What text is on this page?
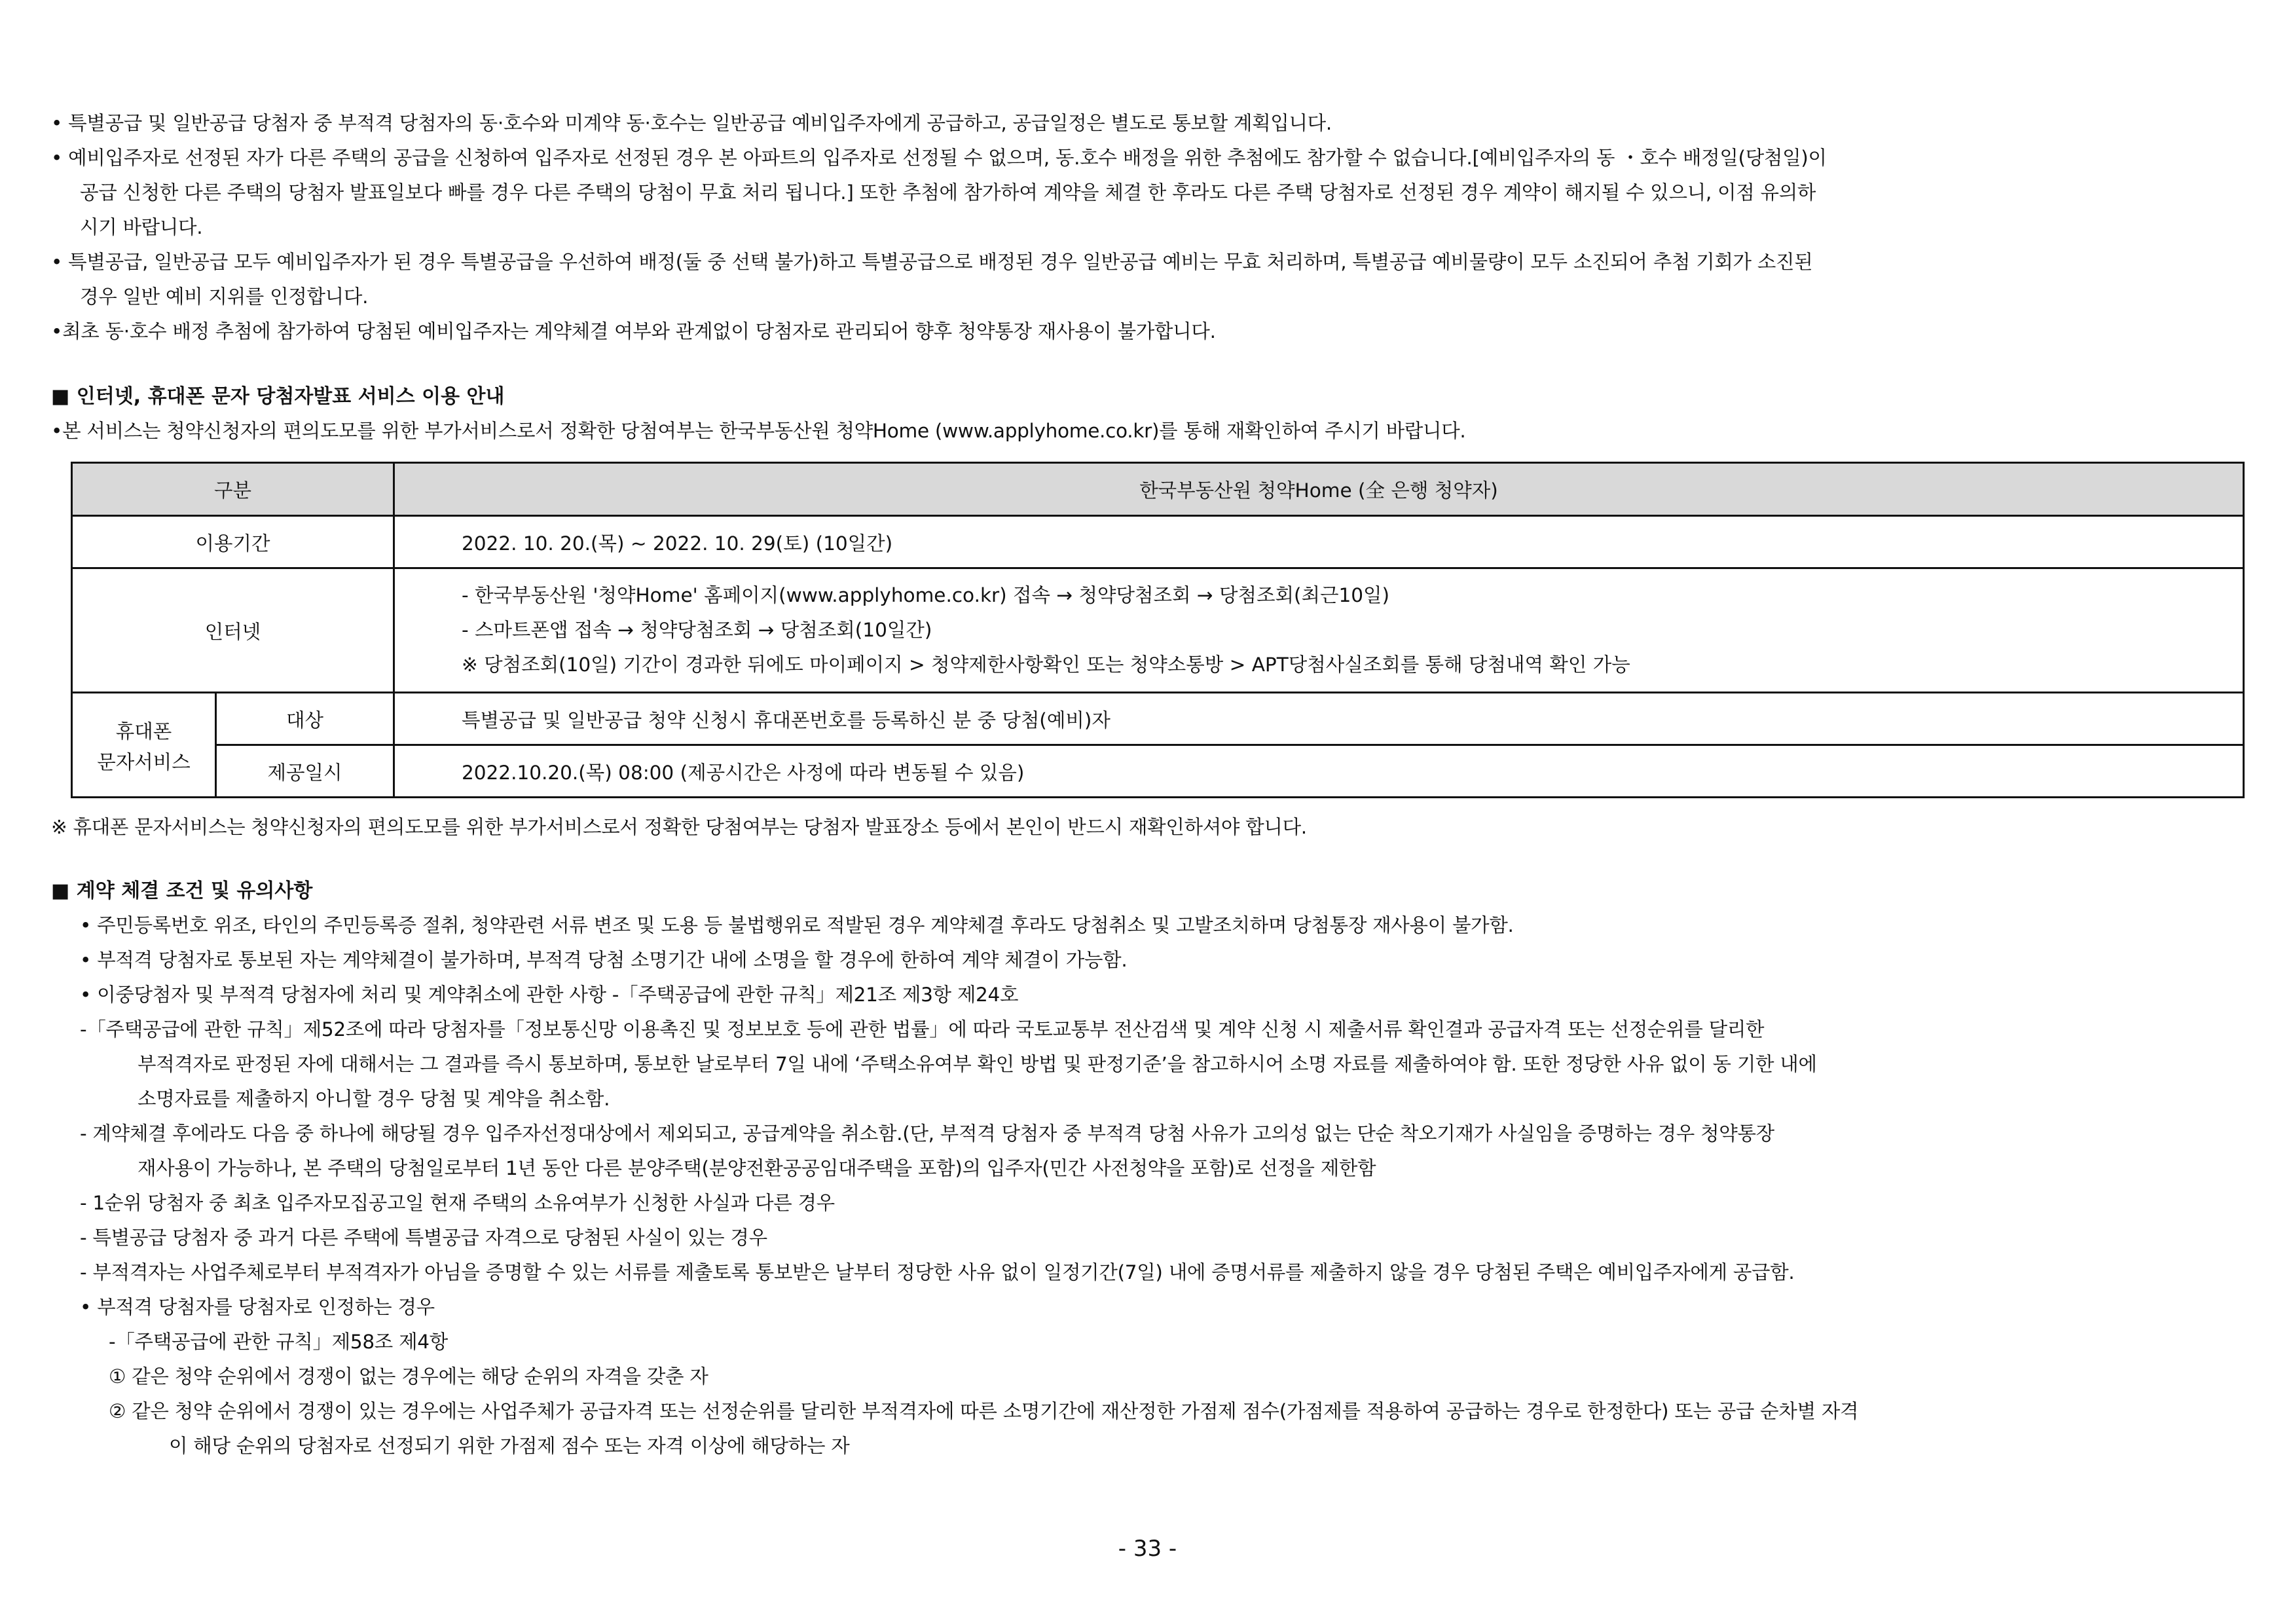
• 특별공급 및 일반공급 당첨자 중 부적격 당첨자의 동·호수와 미계약 동·호수는 일반공급 예비입주자에게 공급하고, 공급일정은 별도로 통보할 계획입니다.

• 예비입주자로 선정된 자가 다른 주택의 공급을 신청하여 입주자로 선정된 경우 본 아파트의 입주자로 선정될 수 없으며, 동.호수 배정을 위한 추첨에도 참가할 수 없습니다.[예비입주자의 동 ・호수 배정일(당첨일)이

공급 신청한 다른 주택의 당첨자 발표일보다 빠를 경우 다른 주택의 당첨이 무효 처리 됩니다.] 또한 추첨에 참가하여 계약을 체결 한 후라도 다른 주택 당첨자로 선정된 경우 계약이 해지될 수 있으니, 이점 유의하

시기 바랍니다.

• 특별공급, 일반공급 모두 예비입주자가 된 경우 특별공급을 우선하여 배정(둘 중 선택 불가)하고 특별공급으로 배정된 경우 일반공급 예비는 무효 처리하며, 특별공급 예비물량이 모두 소진되어 추첨 기회가 소진된

경우 일반 예비 지위를 인정합니다.

•최초 동·호수 배정 추첨에 참가하여 당첨된 예비입주자는 계약체결 여부와 관계없이 당첨자로 관리되어 향후 청약통장 재사용이 불가합니다.

■ 인터넷, 휴대폰 문자 당첨자발표 서비스 이용 안내

•본 서비스는 청약신청자의 편의도모를 위한 부가서비스로서 정확한 당첨여부는 한국부동산원 청약Home (www.applyhome.co.kr)를 통해 재확인하여 주시기 바랍니다.

구분		한국부동산원 청약Home (全 은행 청약자)
이용기간		2022. 10. 20.(목) ~ 2022. 10. 29(토) (10일간)
인터넷		- 한국부동산원 '청약Home' 홈페이지(www.applyhome.co.kr) 접속 → 청약당첨조회 → 당첨조회(최근10일)
- 스마트폰앱 접속 → 청약당첨조회 → 당첨조회(10일간)
※ 당첨조회(10일) 기간이 경과한 뒤에도 마이페이지 > 청약제한사항확인 또는 청약소통방 > APT당첨사실조회를 통해 당첨내역 확인 가능

휴대폰
문자서비스	대상	특별공급 및 일반공급 청약 신청시 휴대폰번호를 등록하신 분 중 당첨(예비)자
	제공일시	2022.10.20.(목) 08:00 (제공시간은 사정에 따라 변동될 수 있음)

※ 휴대폰 문자서비스는 청약신청자의 편의도모를 위한 부가서비스로서 정확한 당첨여부는 당첨자 발표장소 등에서 본인이 반드시 재확인하셔야 합니다.

■ 계약 체결 조건 및 유의사항

• 주민등록번호 위조, 타인의 주민등록증 절취, 청약관련 서류 변조 및 도용 등 불법행위로 적발된 경우 계약체결 후라도 당첨취소 및 고발조치하며 당첨통장 재사용이 불가함.

• 부적격 당첨자로 통보된 자는 계약체결이 불가하며, 부적격 당첨 소명기간 내에 소명을 할 경우에 한하여 계약 체결이 가능함.

• 이중당첨자 및 부적격 당첨자에 처리 및 계약취소에 관한 사항 -「주택공급에 관한 규칙」제21조 제3항 제24호

-「주택공급에 관한 규칙」제52조에 따라 당첨자를「정보통신망 이용촉진 및 정보보호 등에 관한 법률」에 따라 국토교통부 전산검색 및 계약 신청 시 제출서류 확인결과 공급자격 또는 선정순위를 달리한

부적격자로 판정된 자에 대해서는 그 결과를 즉시 통보하며, 통보한 날로부터 7일 내에 ‘주택소유여부 확인 방법 및 판정기준’을 참고하시어 소명 자료를 제출하여야 함. 또한 정당한 사유 없이 동 기한 내에

소명자료를 제출하지 아니할 경우 당첨 및 계약을 취소함.

- 계약체결 후에라도 다음 중 하나에 해당될 경우 입주자선정대상에서 제외되고, 공급계약을 취소함.(단, 부적격 당첨자 중 부적격 당첨 사유가 고의성 없는 단순 착오기재가 사실임을 증명하는 경우 청약통장

재사용이 가능하나, 본 주택의 당첨일로부터 1년 동안 다른 분양주택(분양전환공공임대주택을 포함)의 입주자(민간 사전청약을 포함)로 선정을 제한함

- 1순위 당첨자 중 최초 입주자모집공고일 현재 주택의 소유여부가 신청한 사실과 다른 경우

- 특별공급 당첨자 중 과거 다른 주택에 특별공급 자격으로 당첨된 사실이 있는 경우

- 부적격자는 사업주체로부터 부적격자가 아님을 증명할 수 있는 서류를 제출토록 통보받은 날부터 정당한 사유 없이 일정기간(7일) 내에 증명서류를 제출하지 않을 경우 당첨된 주택은 예비입주자에게 공급함.

• 부적격 당첨자를 당첨자로 인정하는 경우

-「주택공급에 관한 규칙」제58조 제4항

① 같은 청약 순위에서 경쟁이 없는 경우에는 해당 순위의 자격을 갖춘 자

② 같은 청약 순위에서 경쟁이 있는 경우에는 사업주체가 공급자격 또는 선정순위를 달리한 부적격자에 따른 소명기간에 재산정한 가점제 점수(가점제를 적용하여 공급하는 경우로 한정한다) 또는 공급 순차별 자격

이 해당 순위의 당첨자로 선정되기 위한 가점제 점수 또는 자격 이상에 해당하는 자

- 33 -
